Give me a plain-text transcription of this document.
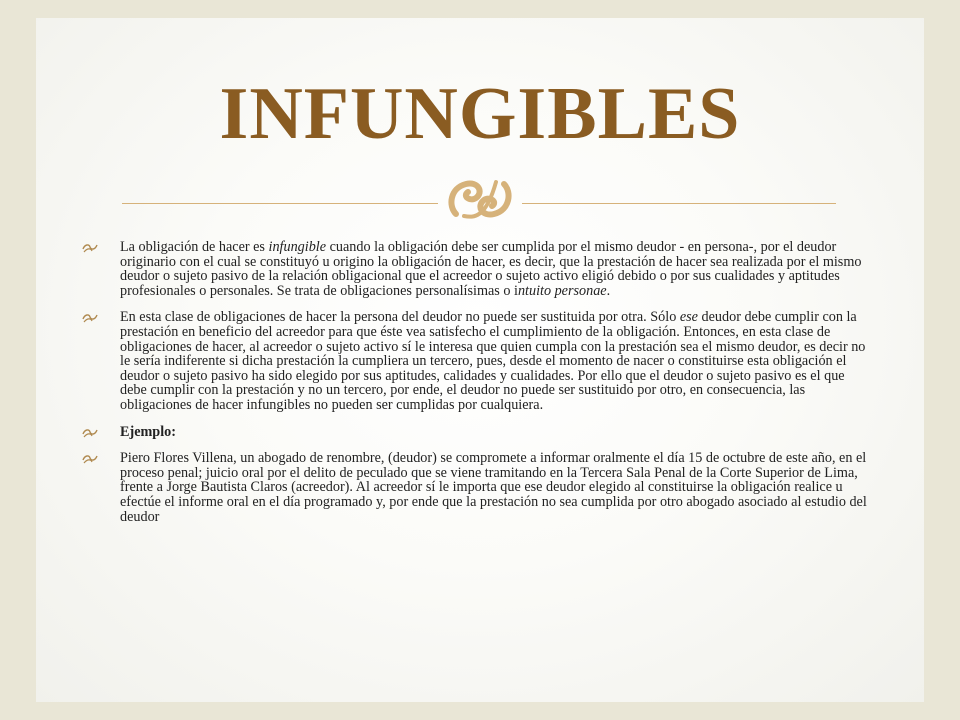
INFUNGIBLES

La obligación de hacer es infungible cuando la obligación debe ser cumplida por el mismo deudor - en persona-, por el deudor originario con el cual se constituyó u origino la obligación de hacer, es decir, que la prestación de hacer sea realizada por el mismo deudor o sujeto pasivo de la relación obligacional que el acreedor o sujeto activo eligió debido o por sus cualidades y aptitudes profesionales o personales. Se trata de obligaciones personalísimas o intuito personae.

En esta clase de obligaciones de hacer la persona del deudor no puede ser sustituida por otra. Sólo ese deudor debe cumplir con la prestación en beneficio del acreedor para que éste vea satisfecho el cumplimiento de la obligación. Entonces, en esta clase de obligaciones de hacer, al acreedor o sujeto activo sí le interesa que quien cumpla con la prestación sea el mismo deudor, es decir no le sería indiferente si dicha prestación la cumpliera un tercero, pues, desde el momento de nacer o constituirse esta obligación el deudor o sujeto pasivo ha sido elegido por sus aptitudes, calidades y cualidades. Por ello que el deudor o sujeto pasivo es el que debe cumplir con la prestación y no un tercero, por ende, el deudor no puede ser sustituido por otro, en consecuencia, las obligaciones de hacer infungibles no pueden ser cumplidas por cualquiera.

Ejemplo:

Piero Flores Villena, un abogado de renombre, (deudor) se compromete a informar oralmente el día 15 de octubre de este año, en el proceso penal; juicio oral por el delito de peculado que se viene tramitando en la Tercera Sala Penal de la Corte Superior de Lima, frente a Jorge Bautista Claros (acreedor). Al acreedor sí le importa que ese deudor elegido al constituirse la obligación realice u efectúe el informe oral en el día programado y, por ende que la prestación no sea cumplida por otro abogado asociado al estudio del deudor
